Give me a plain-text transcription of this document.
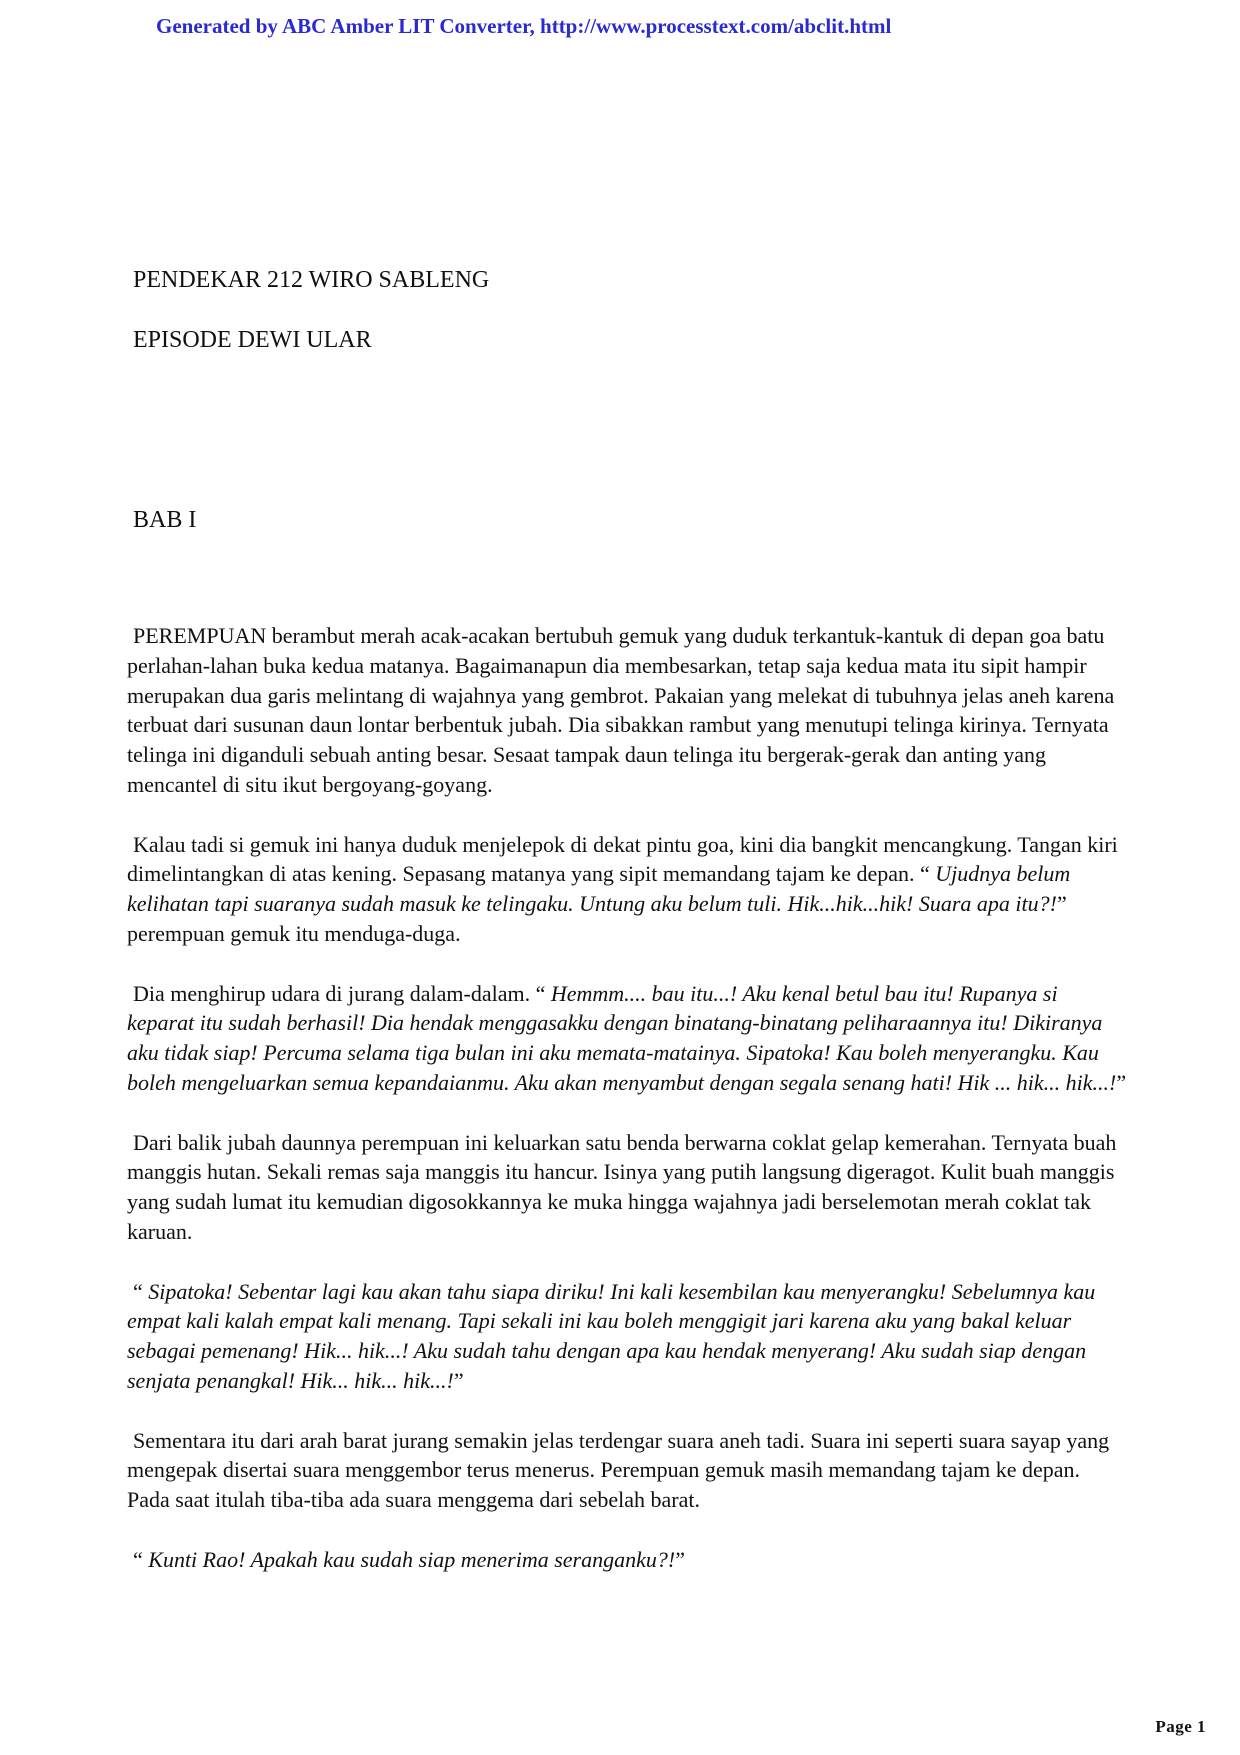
Generated by ABC Amber LIT Converter, http://www.processtext.com/abclit.html
PENDEKAR 212 WIRO SABLENG
EPISODE DEWI ULAR
BAB I

PEREMPUAN berambut merah acak-acakan bertubuh gemuk yang duduk terkantuk-kantuk di depan goa batu perlahan-lahan buka kedua matanya. Bagaimanapun dia membesarkan, tetap saja kedua mata itu sipit hampir merupakan dua garis melintang di wajahnya yang gembrot. Pakaian yang melekat di tubuhnya jelas aneh karena terbuat dari susunan daun lontar berbentuk jubah. Dia sibakkan rambut yang menutupi telinga kirinya. Ternyata telinga ini diganduli sebuah anting besar. Sesaat tampak daun telinga itu bergerak-gerak dan anting yang mencantel di situ ikut bergoyang-goyang.

Kalau tadi si gemuk ini hanya duduk menjelepok di dekat pintu goa, kini dia bangkit mencangkung. Tangan kiri dimelintangkan di atas kening. Sepasang matanya yang sipit memandang tajam ke depan. “ Ujudnya belum kelihatan tapi suaranya sudah masuk ke telingaku. Untung aku belum tuli. Hik...hik...hik! Suara apa itu?!” perempuan gemuk itu menduga-duga.

Dia menghirup udara di jurang dalam-dalam. “ Hemmm.... bau itu...! Aku kenal betul bau itu! Rupanya si keparat itu sudah berhasil! Dia hendak menggasakku dengan binatang-binatang peliharaannya itu! Dikiranya aku tidak siap! Percuma selama tiga bulan ini aku memata-matainya. Sipatoka! Kau boleh menyerangku. Kau boleh mengeluarkan semua kepandaianmu. Aku akan menyambut dengan segala senang hati! Hik ... hik... hik...!”

Dari balik jubah daunnya perempuan ini keluarkan satu benda berwarna coklat gelap kemerahan. Ternyata buah manggis hutan. Sekali remas saja manggis itu hancur. Isinya yang putih langsung digeragot. Kulit buah manggis yang sudah lumat itu kemudian digosokkannya ke muka hingga wajahnya jadi berselemotan merah coklat tak karuan.

“ Sipatoka! Sebentar lagi kau akan tahu siapa diriku! Ini kali kesembilan kau menyerangku! Sebelumnya kau empat kali kalah empat kali menang. Tapi sekali ini kau boleh menggigit jari karena aku yang bakal keluar sebagai pemenang! Hik... hik...! Aku sudah tahu dengan apa kau hendak menyerang! Aku sudah siap dengan senjata penangkal! Hik... hik... hik...!”

Sementara itu dari arah barat jurang semakin jelas terdengar suara aneh tadi. Suara ini seperti suara sayap yang mengepak disertai suara menggembor terus menerus. Perempuan gemuk masih memandang tajam ke depan. Pada saat itulah tiba-tiba ada suara menggema dari sebelah barat.

“ Kunti Rao! Apakah kau sudah siap menerima seranganku?!”

Page 1
